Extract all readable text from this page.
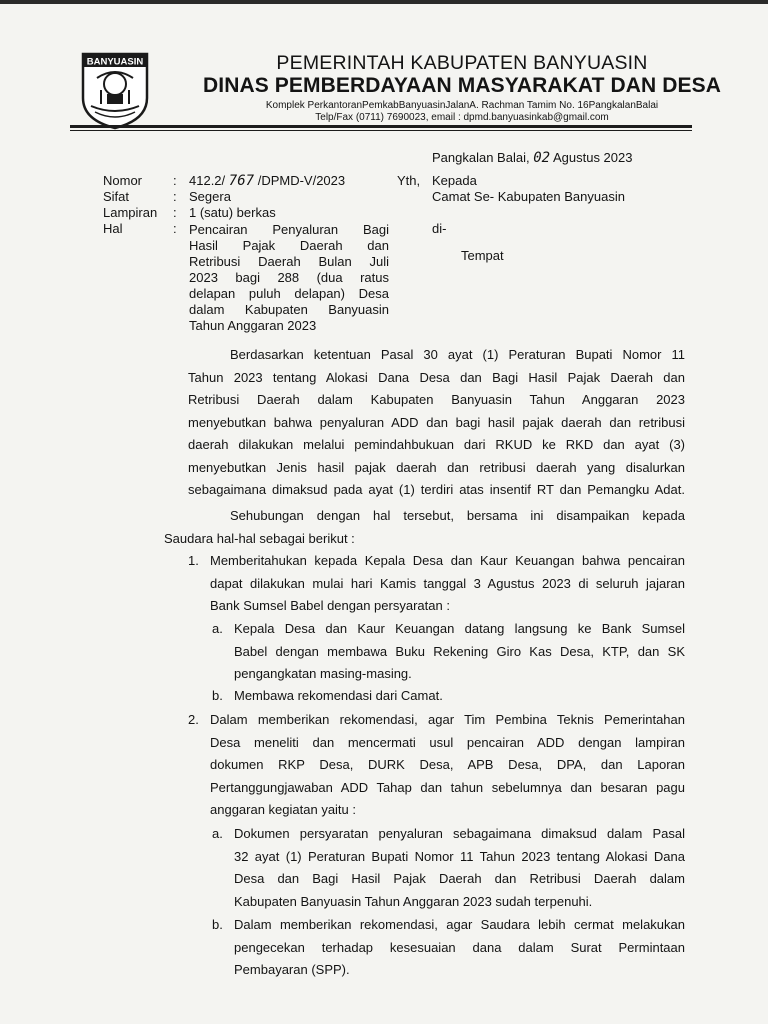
BANYUASIN	PEMERINTAH KABUPATEN BANYUASIN
DINAS PEMBERDAYAAN MASYARAKAT DAN DESA
Komplek PerkantoranPemkabBanyuasinJalanA. Rachman Tamim No. 16PangkalanBalai
Telp/Fax (0711) 7690023, email : dpmd.banyuasinkab@gmail.com
Pangkalan Balai, 02 Agustus 2023
Nomor : 412.2/ 767 /DPMD-V/2023
Sifat	: Segera
Lampiran : 1 (satu) berkas
Hal	: Pencairan Penyaluran Bagi
Hasil Pajak Daerah dan
Retribusi Daerah Bulan Juli
2023 bagi 288 (dua ratus
delapan puluh delapan) Desa
dalam Kabupaten Banyuasin
Tahun Anggaran 2023
Yth, Kepada
Camat Se- Kabupaten Banyuasin
di-
Tempat
Berdasarkan ketentuan Pasal 30 ayat (1) Peraturan Bupati Nomor 11
Tahun 2023 tentang Alokasi Dana Desa dan Bagi Hasil Pajak Daerah dan
Retribusi Daerah dalam Kabupaten Banyuasin Tahun Anggaran 2023
menyebutkan bahwa penyaluran ADD dan bagi hasil pajak daerah dan retribusi
daerah dilakukan melalui pemindahbukuan dari RKUD ke RKD dan ayat (3)
menyebutkan Jenis hasil pajak daerah dan retribusi daerah yang disalurkan
sebagaimana dimaksud pada ayat (1) terdiri atas insentif RT dan Pemangku Adat.
Sehubungan dengan hal tersebut, bersama ini disampaikan kepada
Saudara hal-hal sebagai berikut :
1. Memberitahukan kepada Kepala Desa dan Kaur Keuangan bahwa pencairan
dapat dilakukan mulai hari Kamis tanggal 3 Agustus 2023 di seluruh jajaran
Bank Sumsel Babel dengan persyaratan :
a. Kepala Desa dan Kaur Keuangan datang langsung ke Bank Sumsel
Babel dengan membawa Buku Rekening Giro Kas Desa, KTP, dan SK
pengangkatan masing-masing.
b. Membawa rekomendasi dari Camat.
2. Dalam memberikan rekomendasi, agar Tim Pembina Teknis Pemerintahan
Desa meneliti dan mencermati usul pencairan ADD dengan lampiran
dokumen RKP Desa, DURK Desa, APB Desa, DPA, dan Laporan
Pertanggungjawaban ADD Tahap dan tahun sebelumnya dan besaran pagu
anggaran kegiatan yaitu :
a. Dokumen persyaratan penyaluran sebagaimana dimaksud dalam Pasal
32 ayat (1) Peraturan Bupati Nomor 11 Tahun 2023 tentang Alokasi Dana
Desa dan Bagi Hasil Pajak Daerah dan Retribusi Daerah dalam
Kabupaten Banyuasin Tahun Anggaran 2023 sudah terpenuhi.
b. Dalam memberikan rekomendasi, agar Saudara lebih cermat melakukan
pengecekan terhadap kesesuaian dana dalam Surat Permintaan
Pembayaran (SPP).
